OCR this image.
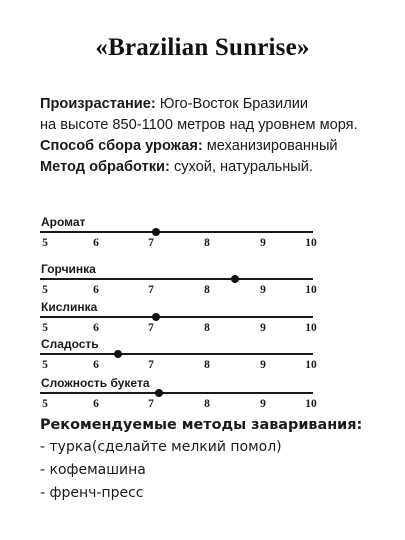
«Brazilian Sunrise»
Произрастание: Юго-Восток Бразилии
на высоте 850-1100 метров над уровнем моря.
Способ сбора урожая: механизированный
Метод обработки: сухой, натуральный.
Аромат
5	6	7	8	9	10
Горчинка
5	6	7	8	9	10
Кислинка
5	6	7	8	9	10
Сладость
5	6	7	8	9	10
Сложность букета
5	6	7	8	9	10
Рекомендуемые методы заваривания:
- турка(сделайте мелкий помол)
- кофемашина
- френч-пресс
